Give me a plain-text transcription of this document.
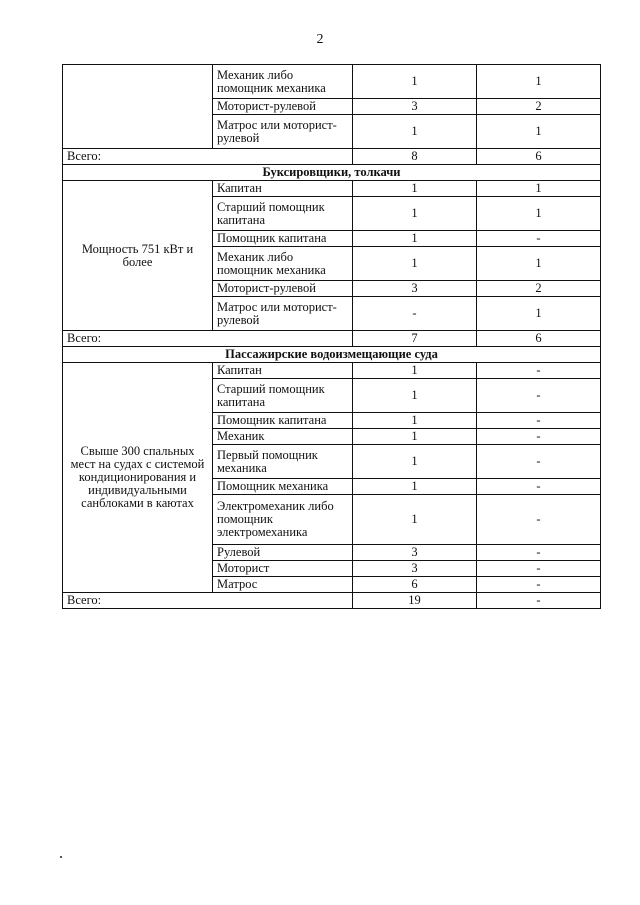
2
	Механик либо помощник механика	1	1
	Моторист-рулевой	3	2
	Матрос или моторист-рулевой	1	1
Всего:		8	6
Буксировщики, толкачи			
Мощность 751 кВт и более	Капитан	1	1
	Старший помощник капитана	1	1
	Помощник капитана	1	-
	Механик либо помощник механика	1	1
	Моторист-рулевой	3	2
	Матрос или моторист-рулевой	-	1
Всего:		7	6
Пассажирские водоизмещающие суда			
Свыше 300 спальных мест на судах с системой кондиционирования и индивидуальными санблоками в каютах	Капитан	1	-
	Старший помощник капитана	1	-
	Помощник капитана	1	-
	Механик	1	-
	Первый помощник механика	1	-
	Помощник механика	1	-
	Электромеханик либо помощник электромеханика	1	-
	Рулевой	3	-
	Моторист	3	-
	Матрос	6	-
Всего:		19	-
